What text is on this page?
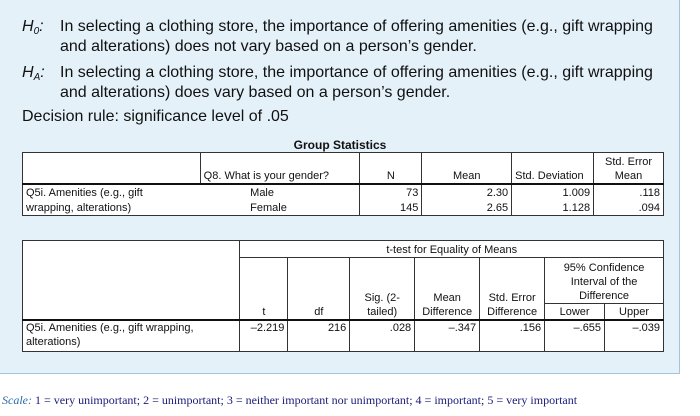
$H_0$: In selecting a clothing store, the importance of offering amenities (e.g., gift wrapping and alterations) does not vary based on a person’s gender.
$H_A$: In selecting a clothing store, the importance of offering amenities (e.g., gift wrapping and alterations) does vary based on a person’s gender.
Decision rule: significance level of .05
Group Statistics
	Q8. What is your gender?	N	Mean	Std. Deviation	Std. Error Mean
Q5i. Amenities (e.g., gift	Male	73	2.30	1.009	.118
wrapping, alterations)	Female	145	2.65	1.128	.094
	t-test for Equality of Means						
	t	df	Sig. (2-tailed)	Mean Difference	Std. Error Difference	95% Confidence Interval of the Difference	
						Lower	Upper
Q5i. Amenities (e.g., gift wrapping, alterations)	–2.219	216	.028	–.347	.156	–.655	–.039
Scale: 1 = very unimportant; 2 = unimportant; 3 = neither important nor unimportant; 4 = important; 5 = very important
